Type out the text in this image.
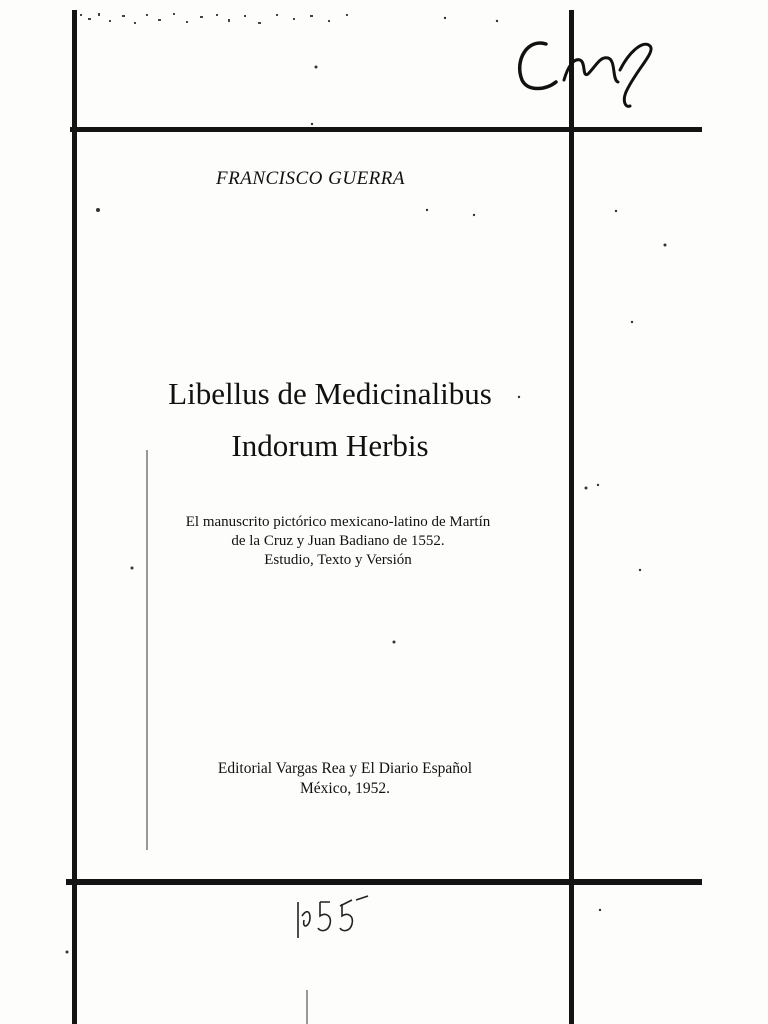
FRANCISCO GUERRA
Libellus de Medicinalibus
Indorum Herbis
El manuscrito pictórico mexicano-latino de Martín
de la Cruz y Juan Badiano de 1552.
Estudio, Texto y Versión
Editorial Vargas Rea y El Diario Español
México, 1952.
